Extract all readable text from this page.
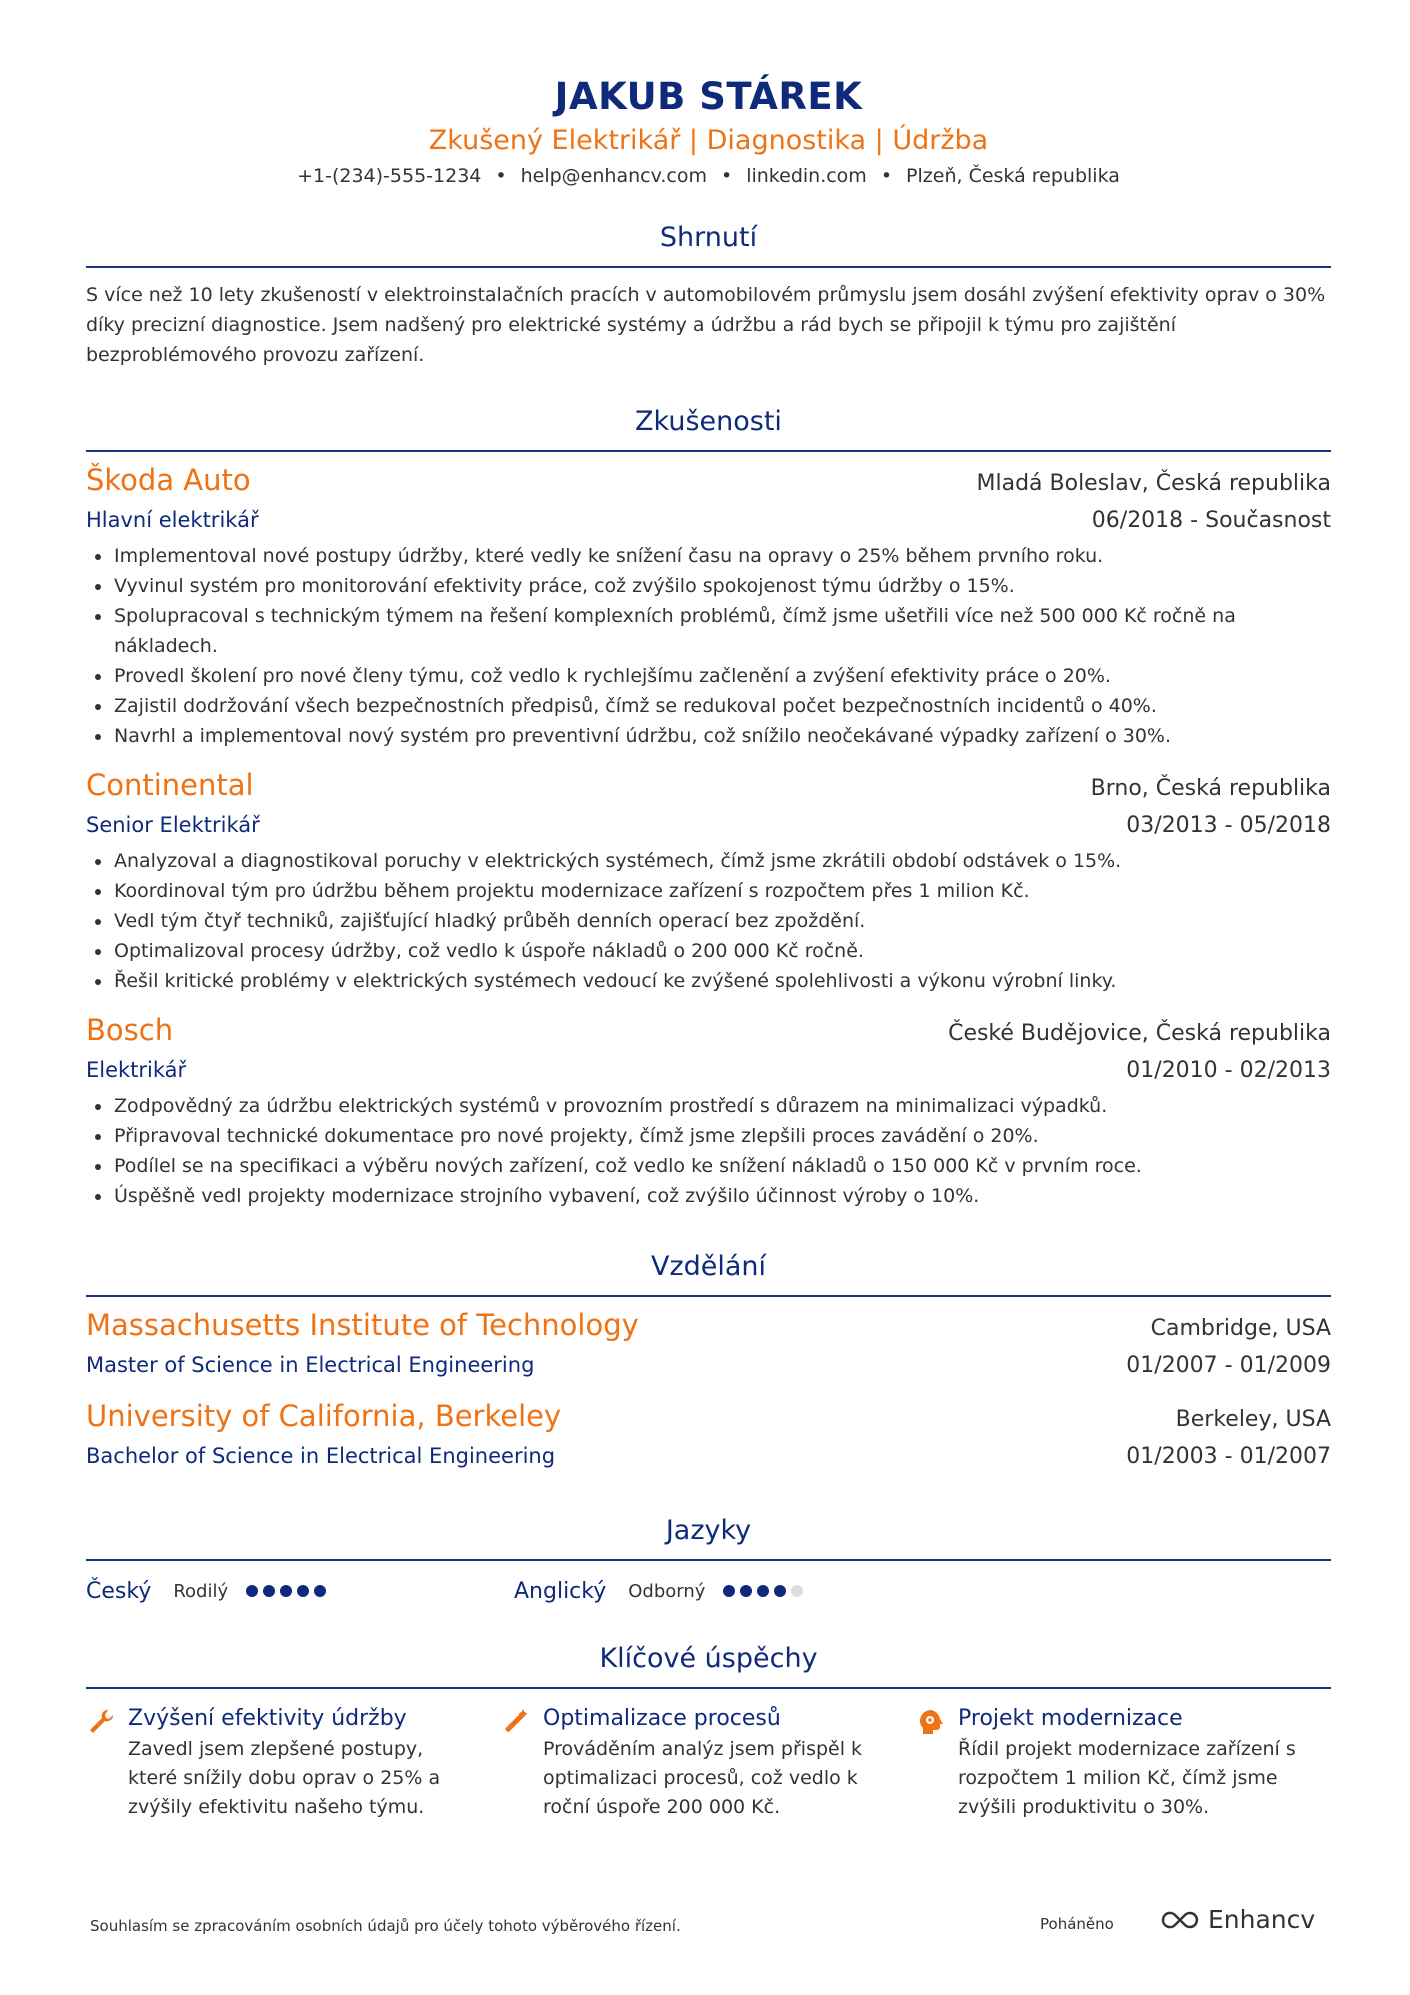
JAKUB STÁREK
Zkušený Elektrikář | Diagnostika | Údržba
+1-(234)-555-1234 • help@enhancv.com • linkedin.com • Plzeň, Česká republika
Shrnutí
S více než 10 lety zkušeností v elektroinstalačních pracích v automobilovém průmyslu jsem dosáhl zvýšení efektivity oprav o 30% díky precizní diagnostice. Jsem nadšený pro elektrické systémy a údržbu a rád bych se připojil k týmu pro zajištění bezproblémového provozu zařízení.
Zkušenosti
Škoda Auto	Mladá Boleslav, Česká republika
Hlavní elektrikář	06/2018 - Současnost
Implementoval nové postupy údržby, které vedly ke snížení času na opravy o 25% během prvního roku.
Vyvinul systém pro monitorování efektivity práce, což zvýšilo spokojenost týmu údržby o 15%.
Spolupracoval s technickým týmem na řešení komplexních problémů, čímž jsme ušetřili více než 500 000 Kč ročně na nákladech.
Provedl školení pro nové členy týmu, což vedlo k rychlejšímu začlenění a zvýšení efektivity práce o 20%.
Zajistil dodržování všech bezpečnostních předpisů, čímž se redukoval počet bezpečnostních incidentů o 40%.
Navrhl a implementoval nový systém pro preventivní údržbu, což snížilo neočekávané výpadky zařízení o 30%.
Continental	Brno, Česká republika
Senior Elektrikář	03/2013 - 05/2018
Analyzoval a diagnostikoval poruchy v elektrických systémech, čímž jsme zkrátili období odstávek o 15%.
Koordinoval tým pro údržbu během projektu modernizace zařízení s rozpočtem přes 1 milion Kč.
Vedl tým čtyř techniků, zajišťující hladký průběh denních operací bez zpoždění.
Optimalizoval procesy údržby, což vedlo k úspoře nákladů o 200 000 Kč ročně.
Řešil kritické problémy v elektrických systémech vedoucí ke zvýšené spolehlivosti a výkonu výrobní linky.
Bosch	České Budějovice, Česká republika
Elektrikář	01/2010 - 02/2013
Zodpovědný za údržbu elektrických systémů v provozním prostředí s důrazem na minimalizaci výpadků.
Připravoval technické dokumentace pro nové projekty, čímž jsme zlepšili proces zavádění o 20%.
Podílel se na specifikaci a výběru nových zařízení, což vedlo ke snížení nákladů o 150 000 Kč v prvním roce.
Úspěšně vedl projekty modernizace strojního vybavení, což zvýšilo účinnost výroby o 10%.
Vzdělání
Massachusetts Institute of Technology	Cambridge, USA
Master of Science in Electrical Engineering	01/2007 - 01/2009
University of California, Berkeley	Berkeley, USA
Bachelor of Science in Electrical Engineering	01/2003 - 01/2007
Jazyky
Český Rodilý	Anglický Odborný
Klíčové úspěchy
Zvýšení efektivity údržby
Zavedl jsem zlepšené postupy, které snížily dobu oprav o 25% a zvýšily efektivitu našeho týmu.
Optimalizace procesů
Prováděním analýz jsem přispěl k optimalizaci procesů, což vedlo k roční úspoře 200 000 Kč.
Projekt modernizace
Řídil projekt modernizace zařízení s rozpočtem 1 milion Kč, čímž jsme zvýšili produktivitu o 30%.
Souhlasím se zpracováním osobních údajů pro účely tohoto výběrového řízení.	Poháněno	Enhancv
